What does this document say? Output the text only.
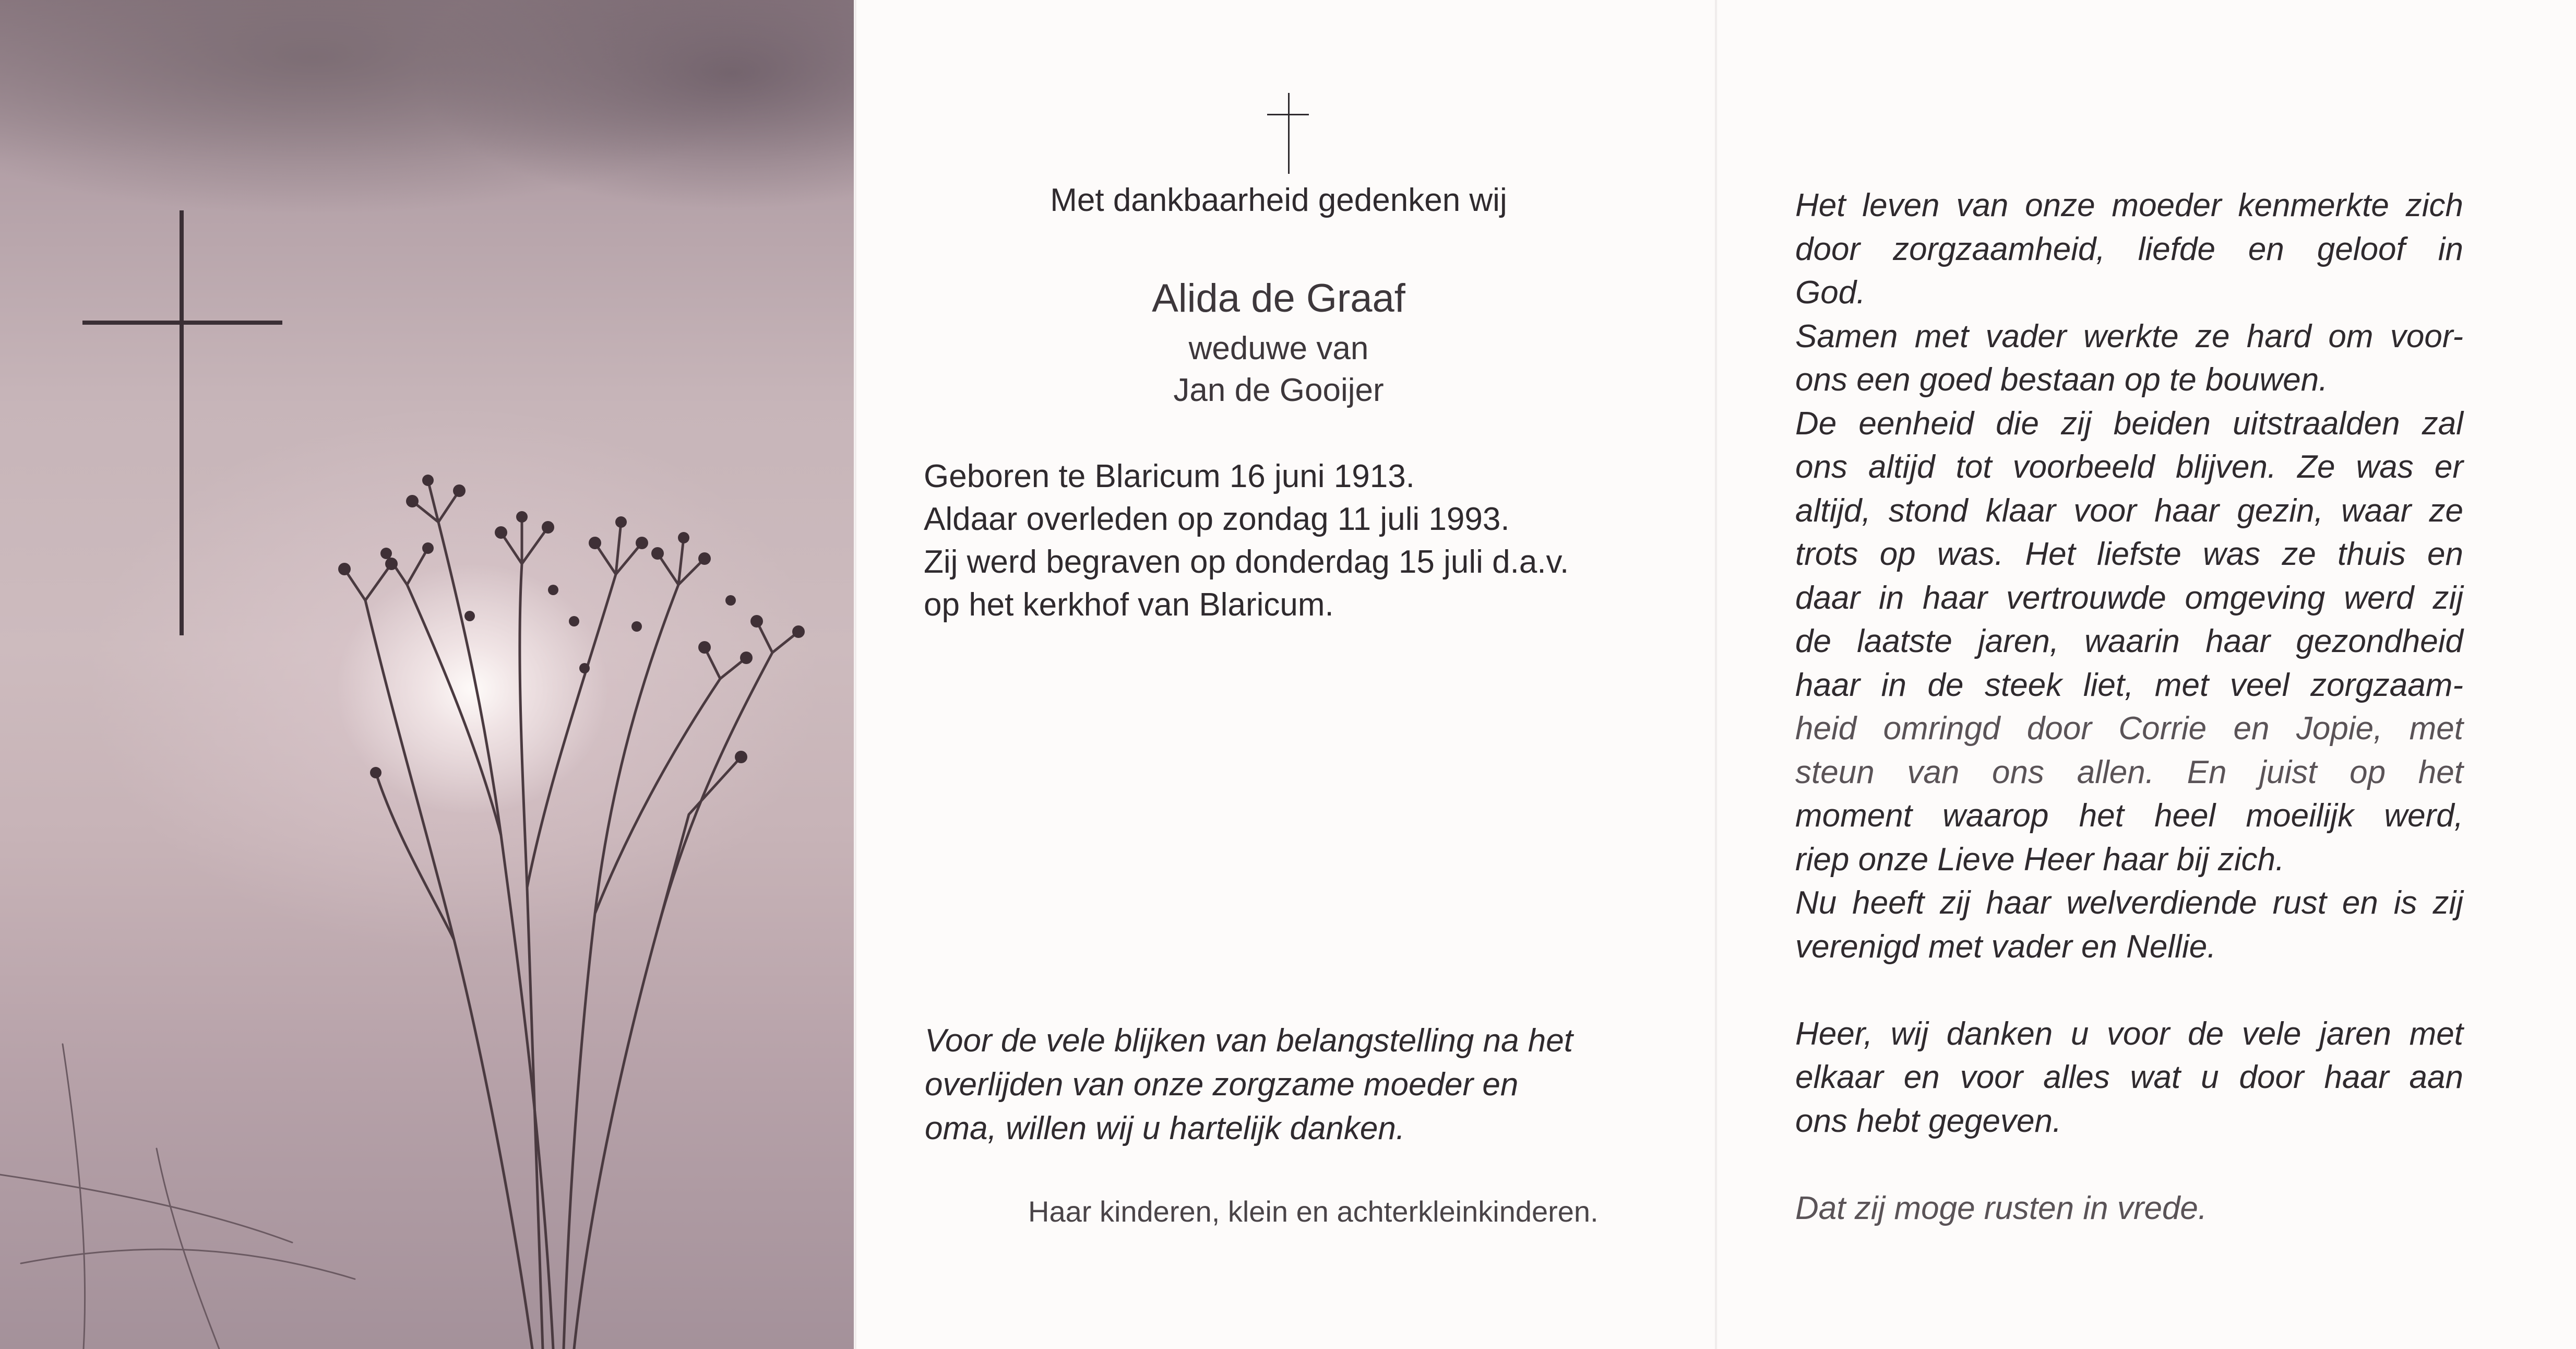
Met dankbaarheid gedenken wij
Alida de Graaf
weduwe van
Jan de Gooijer
Geboren te Blaricum 16 juni 1913.
Aldaar overleden op zondag 11 juli 1993.
Zij werd begraven op donderdag 15 juli d.a.v.
op het kerkhof van Blaricum.
Voor de vele blijken van belangstelling na het
overlijden van onze zorgzame moeder en
oma, willen wij u hartelijk danken.
Haar kinderen, klein en achterkleinkinderen.
Het leven van onze moeder kenmerkte zich
door zorgzaamheid, liefde en geloof in
God.
Samen met vader werkte ze hard om voor-
ons een goed bestaan op te bouwen.
De eenheid die zij beiden uitstraalden zal
ons altijd tot voorbeeld blijven. Ze was er
altijd, stond klaar voor haar gezin, waar ze
trots op was. Het liefste was ze thuis en
daar in haar vertrouwde omgeving werd zij
de laatste jaren, waarin haar gezondheid
haar in de steek liet, met veel zorgzaam-
heid omringd door Corrie en Jopie, met
steun van ons allen. En juist op het
moment waarop het heel moeilijk werd,
riep onze Lieve Heer haar bij zich.
Nu heeft zij haar welverdiende rust en is zij
verenigd met vader en Nellie.
Heer, wij danken u voor de vele jaren met
elkaar en voor alles wat u door haar aan
ons hebt gegeven.
Dat zij moge rusten in vrede.
